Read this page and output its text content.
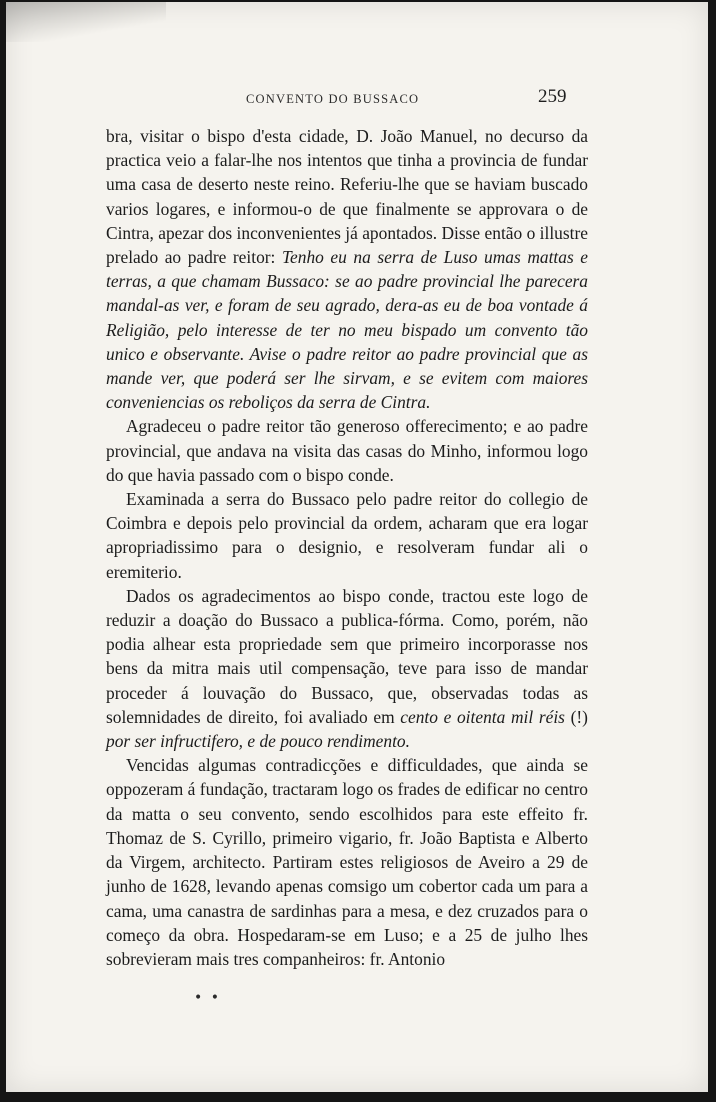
CONVENTO DO BUSSACO	259

bra, visitar o bispo d'esta cidade, D. João Manuel, no decurso da practica veio a falar-lhe nos intentos que tinha a provincia de fundar uma casa de deserto neste reino. Referiu-lhe que se haviam buscado varios logares, e informou-o de que finalmente se approvara o de Cintra, apezar dos inconvenientes já apontados. Disse então o illustre prelado ao padre reitor: Tenho eu na serra de Luso umas mattas e terras, a que chamam Bussaco: se ao padre provincial lhe parecera mandal-as ver, e foram de seu agrado, dera-as eu de boa vontade á Religião, pelo interesse de ter no meu bispado um convento tão unico e observante. Avise o padre reitor ao padre provincial que as mande ver, que poderá ser lhe sirvam, e se evitem com maiores conveniencias os reboliços da serra de Cintra.

Agradeceu o padre reitor tão generoso offerecimento; e ao padre provincial, que andava na visita das casas do Minho, informou logo do que havia passado com o bispo conde.

Examinada a serra do Bussaco pelo padre reitor do collegio de Coimbra e depois pelo provincial da ordem, acharam que era logar apropriadissimo para o designio, e resolveram fundar ali o eremiterio.

Dados os agradecimentos ao bispo conde, tractou este logo de reduzir a doação do Bussaco a publica-fórma. Como, porém, não podia alhear esta propriedade sem que primeiro incorporasse nos bens da mitra mais util compensação, teve para isso de mandar proceder á louvação do Bussaco, que, observadas todas as solemnidades de direito, foi avaliado em cento e oitenta mil réis (!) por ser infructifero, e de pouco rendimento.

Vencidas algumas contradicções e difficuldades, que ainda se oppozeram á fundação, tractaram logo os frades de edificar no centro da matta o seu convento, sendo escolhidos para este effeito fr. Thomaz de S. Cyrillo, primeiro vigario, fr. João Baptista e Alberto da Virgem, architecto. Partiram estes religiosos de Aveiro a 29 de junho de 1628, levando apenas comsigo um cobertor cada um para a cama, uma canastra de sardinhas para a mesa, e dez cruzados para o começo da obra. Hospedaram-se em Luso; e a 25 de julho lhes sobrevieram mais tres companheiros: fr. Antonio

• •
